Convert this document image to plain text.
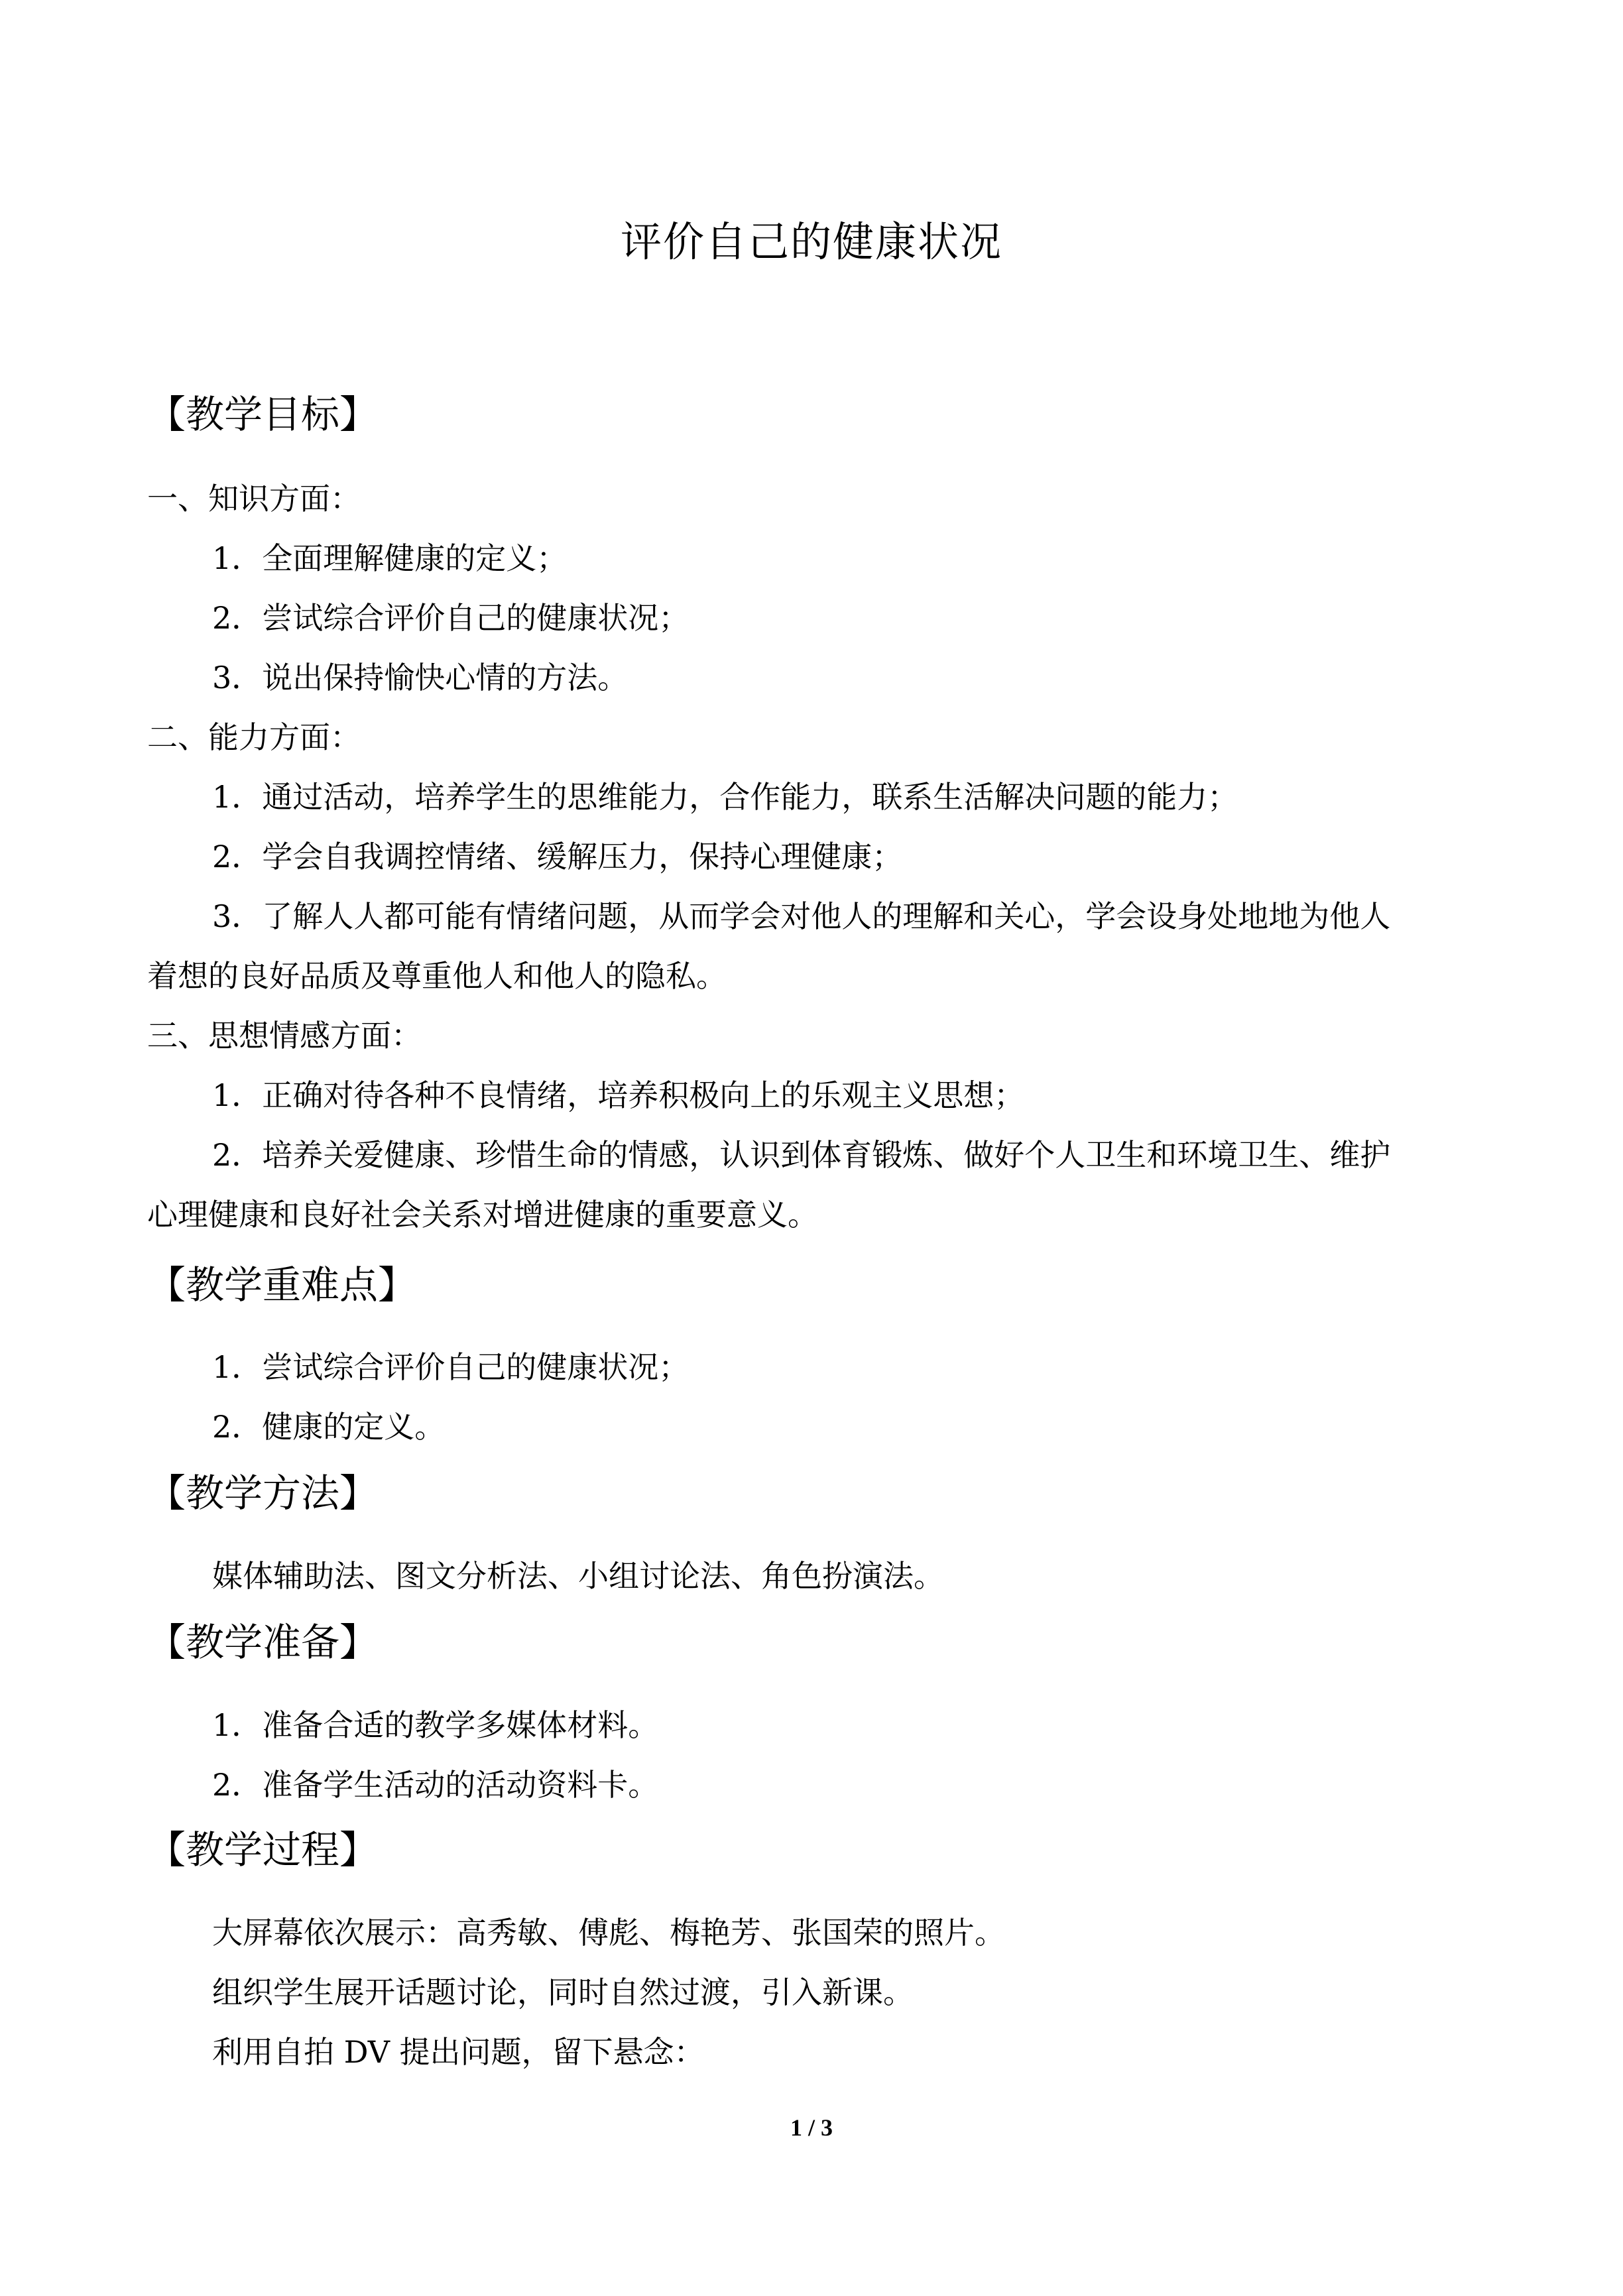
评价自己的健康状况
【教学目标】
一、知识方面：
1．全面理解健康的定义；
2．尝试综合评价自己的健康状况；
3．说出保持愉快心情的方法。
二、能力方面：
1．通过活动，培养学生的思维能力，合作能力，联系生活解决问题的能力；
2．学会自我调控情绪、缓解压力，保持心理健康；
3．了解人人都可能有情绪问题，从而学会对他人的理解和关心，学会设身处地地为他人
着想的良好品质及尊重他人和他人的隐私。
三、思想情感方面：
1．正确对待各种不良情绪，培养积极向上的乐观主义思想；
2．培养关爱健康、珍惜生命的情感，认识到体育锻炼、做好个人卫生和环境卫生、维护
心理健康和良好社会关系对增进健康的重要意义。
【教学重难点】
1．尝试综合评价自己的健康状况；
2．健康的定义。
【教学方法】
媒体辅助法、图文分析法、小组讨论法、角色扮演法。
【教学准备】
1．准备合适的教学多媒体材料。
2．准备学生活动的活动资料卡。
【教学过程】
大屏幕依次展示：高秀敏、傅彪、梅艳芳、张国荣的照片。
组织学生展开话题讨论，同时自然过渡，引入新课。
利用自拍 DV 提出问题，留下悬念：
1 / 3
